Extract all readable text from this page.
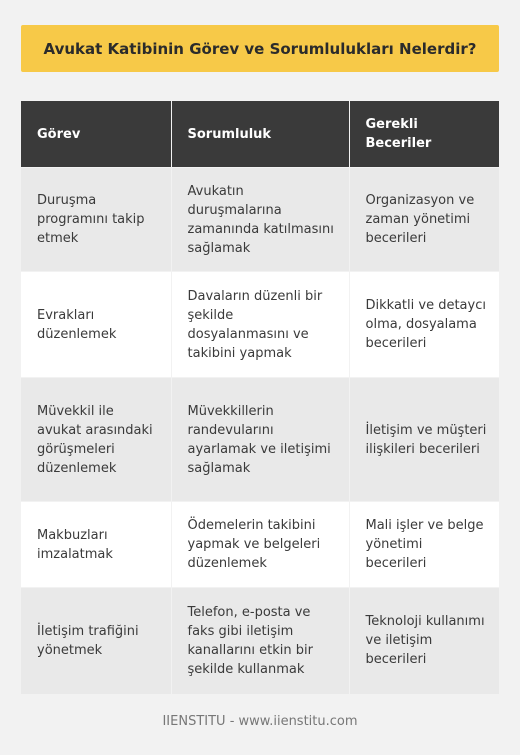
Avukat Katibinin Görev ve Sorumlulukları Nelerdir?
Görev	Sorumluluk	Gerekli Beceriler
Duruşma programını takip etmek	Avukatın duruşmalarına zamanında katılmasını sağlamak	Organizasyon ve zaman yönetimi becerileri
Evrakları düzenlemek	Davaların düzenli bir şekilde dosyalanmasını ve takibini yapmak	Dikkatli ve detaycı olma, dosyalama becerileri
Müvekkil ile avukat arasındaki görüşmeleri düzenlemek	Müvekkillerin randevularını ayarlamak ve iletişimi sağlamak	İletişim ve müşteri ilişkileri becerileri
Makbuzları imzalatmak	Ödemelerin takibini yapmak ve belgeleri düzenlemek	Mali işler ve belge yönetimi becerileri
İletişim trafiğini yönetmek	Telefon, e-posta ve faks gibi iletişim kanallarını etkin bir şekilde kullanmak	Teknoloji kullanımı ve iletişim becerileri
IIENSTITU - www.iienstitu.com
